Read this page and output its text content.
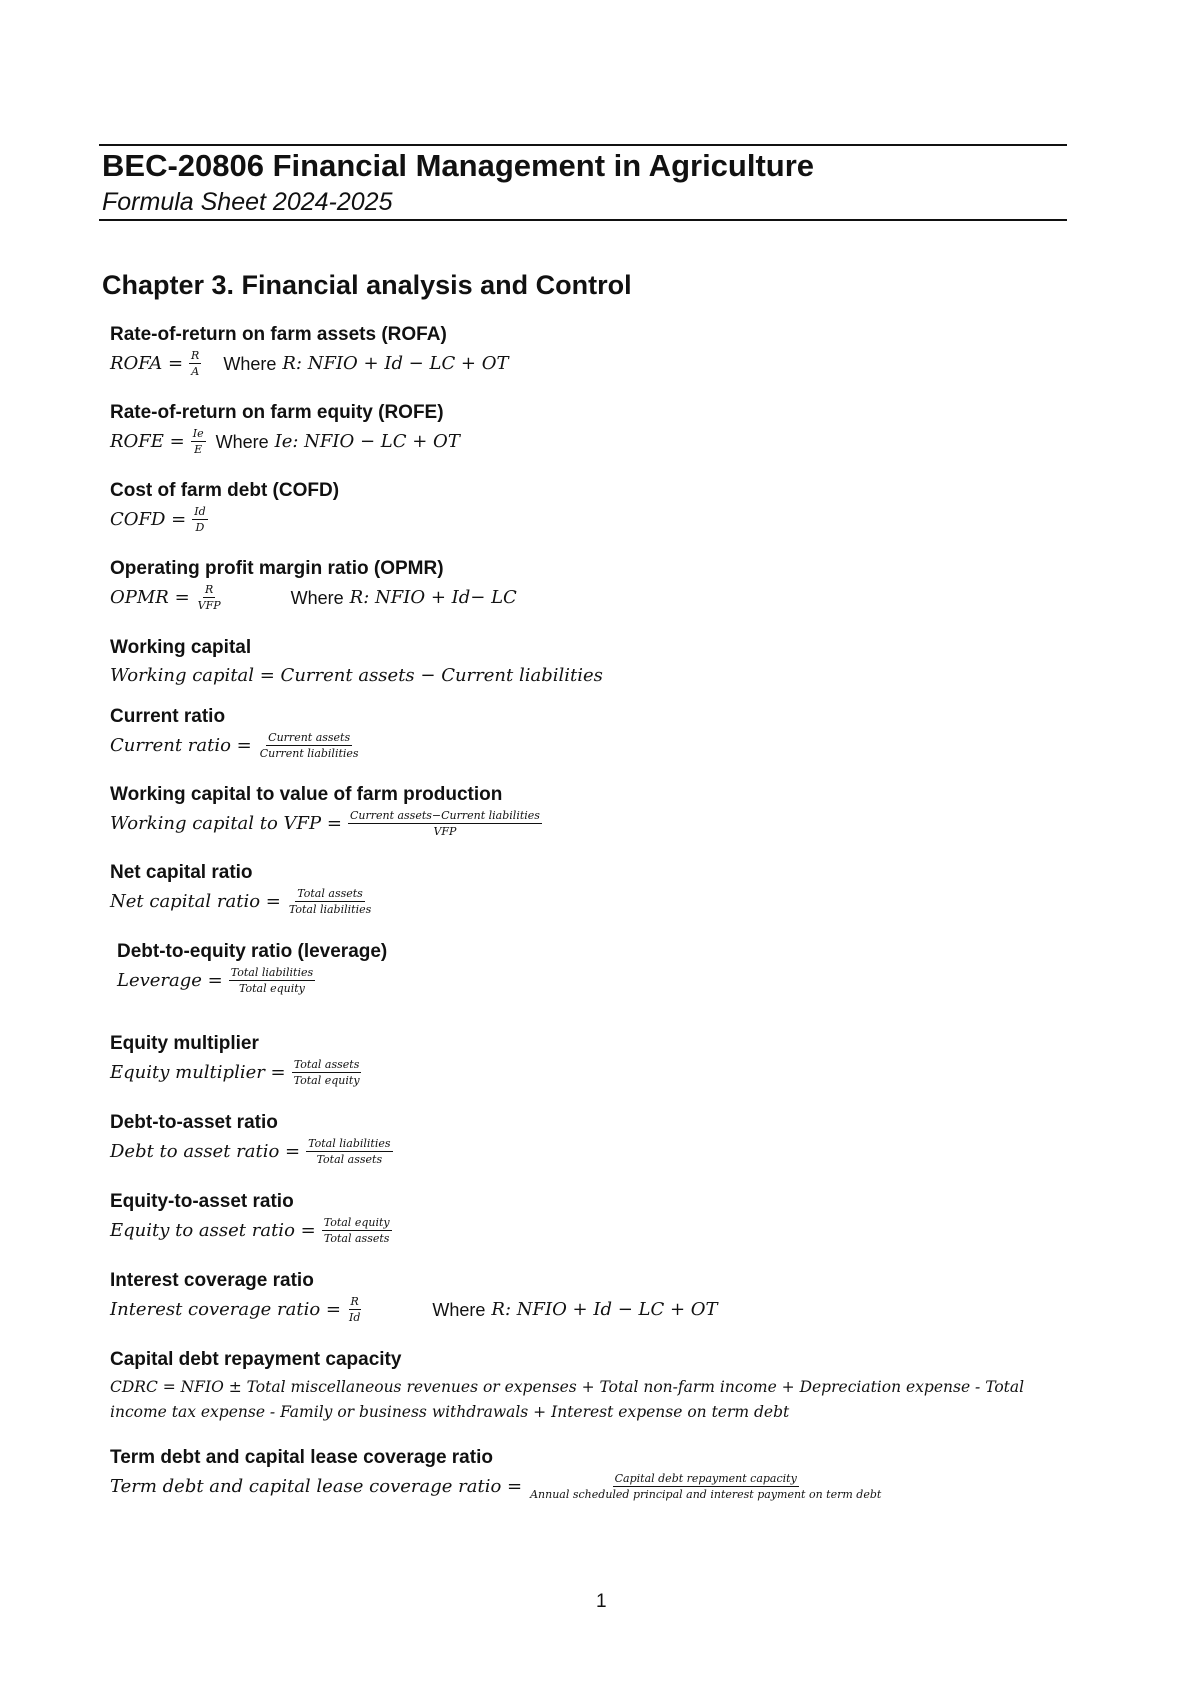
BEC-20806 Financial Management in Agriculture
Formula Sheet 2024-2025
Chapter 3. Financial analysis and Control
Rate-of-return on farm assets (ROFA)
ROFA = $\frac{R}{A}$ Where R: NFIO + Id − LC + OT
Rate-of-return on farm equity (ROFE)
ROFE = $\frac{Ie}{E}$ Where Ie: NFIO − LC + OT
Cost of farm debt (COFD)
COFD = $\frac{Id}{D}$
Operating profit margin ratio (OPMR)
OPMR = $\frac{R}{\text{VFP}}$	Where R: NFIO + Id− LC
Working capital
Working capital = Current assets − Current liabilities
Current ratio
Current ratio = $\frac{\text{Current assets}}{\text{Current liabilities}}$
Working capital to value of farm production
Working capital to VFP = $\frac{\text{Current assets−Current liabilities}}{\text{VFP}}$
Net capital ratio
Net capital ratio = $\frac{\text{Total assets}}{\text{Total liabilities}}$
Debt-to-equity ratio (leverage)
Leverage = $\frac{\text{Total liabilities}}{\text{Total equity}}$
Equity multiplier
Equity multiplier = $\frac{\text{Total assets}}{\text{Total equity}}$
Debt-to-asset ratio
Debt to asset ratio = $\frac{\text{Total liabilities}}{\text{Total assets}}$
Equity-to-asset ratio
Equity to asset ratio = $\frac{\text{Total equity}}{\text{Total assets}}$
Interest coverage ratio
Interest coverage ratio = $\frac{R}{Id}$	Where R: NFIO + Id − LC + OT
Capital debt repayment capacity
CDRC = NFIO ± Total miscellaneous revenues or expenses + Total non-farm income + Depreciation expense - Total income tax expense - Family or business withdrawals + Interest expense on term debt
Term debt and capital lease coverage ratio
Term debt and capital lease coverage ratio = $\frac{\text{Capital debt repayment capacity}}{\text{Annual scheduled principal and interest payment on term debt}}$
1
